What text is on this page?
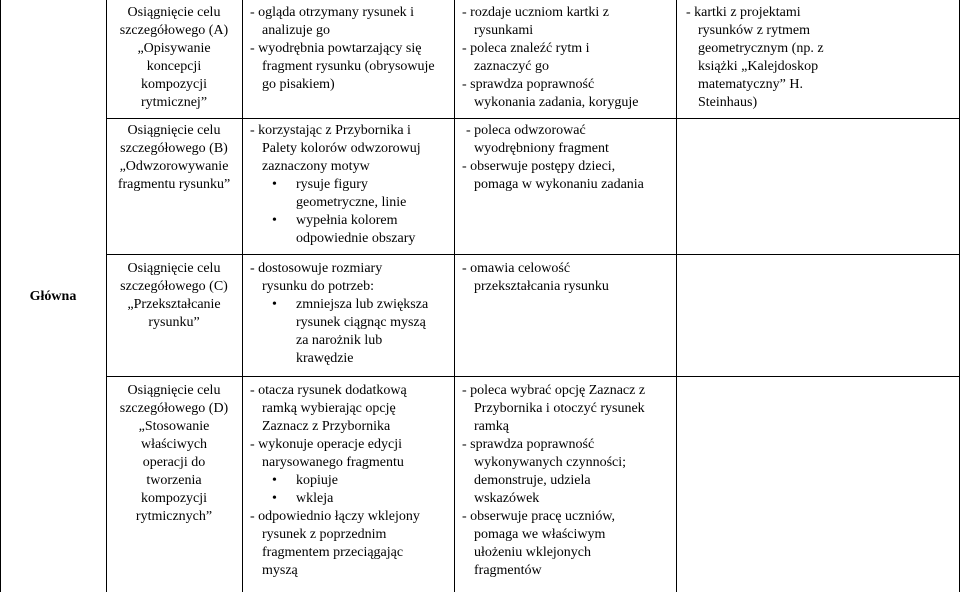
Główna
Osiągnięcie celu
szczegółowego (A)
„Opisywanie
koncepcji
kompozycji
rytmicznej”
- ogląda otrzymany rysunek i
analizuje go
- wyodrębnia powtarzający się
fragment rysunku (obrysowuje
go pisakiem)
- rozdaje uczniom kartki z
rysunkami
- poleca znaleźć rytm i
zaznaczyć go
- sprawdza poprawność
wykonania zadania, koryguje
- kartki z projektami
rysunków z rytmem
geometrycznym (np. z
książki „Kalejdoskop
matematyczny” H.
Steinhaus)
Osiągnięcie celu
szczegółowego (B)
„Odwzorowywanie
fragmentu rysunku”
- korzystając z Przybornika i
Palety kolorów odwzorowuj
zaznaczony motyw
• rysuje figury
geometryczne, linie
• wypełnia kolorem
odpowiednie obszary
- poleca odwzorować
wyodrębniony fragment
- obserwuje postępy dzieci,
pomaga w wykonaniu zadania
Osiągnięcie celu
szczegółowego (C)
„Przekształcanie
rysunku”
- dostosowuje rozmiary
rysunku do potrzeb:
• zmniejsza lub zwiększa
rysunek ciągnąc myszą
za narożnik lub
krawędzie
- omawia celowość
przekształcania rysunku
Osiągnięcie celu
szczegółowego (D)
„Stosowanie
właściwych
operacji do
tworzenia
kompozycji
rytmicznych”
- otacza rysunek dodatkową
ramką wybierając opcję
Zaznacz z Przybornika
- wykonuje operacje edycji
narysowanego fragmentu
• kopiuje
• wkleja
- odpowiednio łączy wklejony
rysunek z poprzednim
fragmentem przeciągając
myszą
- poleca wybrać opcję Zaznacz z
Przybornika i otoczyć rysunek
ramką
- sprawdza poprawność
wykonywanych czynności;
demonstruje, udziela
wskazówek
- obserwuje pracę uczniów,
pomaga we właściwym
ułożeniu wklejonych
fragmentów
